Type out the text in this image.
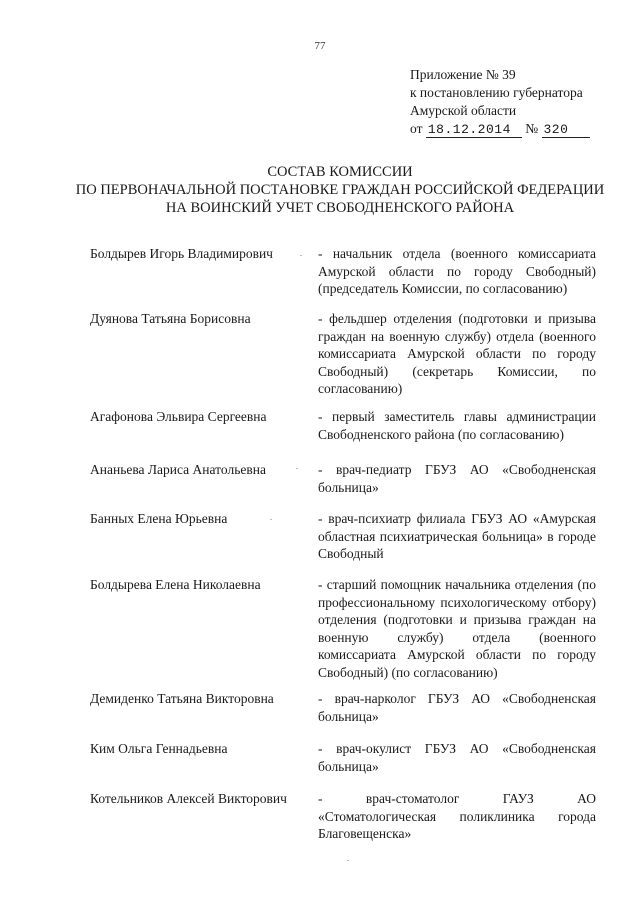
77
Приложение № 39
к постановлению губернатора
Амурской области
от 18.12.2014 № 320
СОСТАВ КОМИССИИ
ПО ПЕРВОНАЧАЛЬНОЙ ПОСТАНОВКЕ ГРАЖДАН РОССИЙСКОЙ ФЕДЕРАЦИИ
НА ВОИНСКИЙ УЧЕТ СВОБОДНЕНСКОГО РАЙОНА
Болдырев Игорь Владимирович	- начальник отдела (военного комиссариата Амурской области по городу Свободный) (председатель Комиссии, по согласованию)
Дуянова Татьяна Борисовна	- фельдшер отделения (подготовки и призыва граждан на военную службу) отдела (военного комиссариата Амурской области по городу Свободный) (секретарь Комиссии, по согласованию)
Агафонова Эльвира Сергеевна	- первый заместитель главы администрации Свободненского района (по согласованию)
Ананьева Лариса Анатольевна	- врач-педиатр ГБУЗ АО «Свободненская больница»
Банных Елена Юрьевна	- врач-психиатр филиала ГБУЗ АО «Амурская областная психиатрическая больница» в городе Свободный
Болдырева Елена Николаевна	- старший помощник начальника отделения (по профессиональному психологическому отбору) отделения (подготовки и призыва граждан на военную службу) отдела (военного комиссариата Амурской области по городу Свободный) (по согласованию)
Демиденко Татьяна Викторовна	- врач-нарколог ГБУЗ АО «Свободненская больница»
Ким Ольга Геннадьевна	- врач-окулист ГБУЗ АО «Свободненская больница»
Котельников Алексей Викторович	- врач-стоматолог ГАУЗ АО «Стоматологическая поликлиника города Благовещенска»
